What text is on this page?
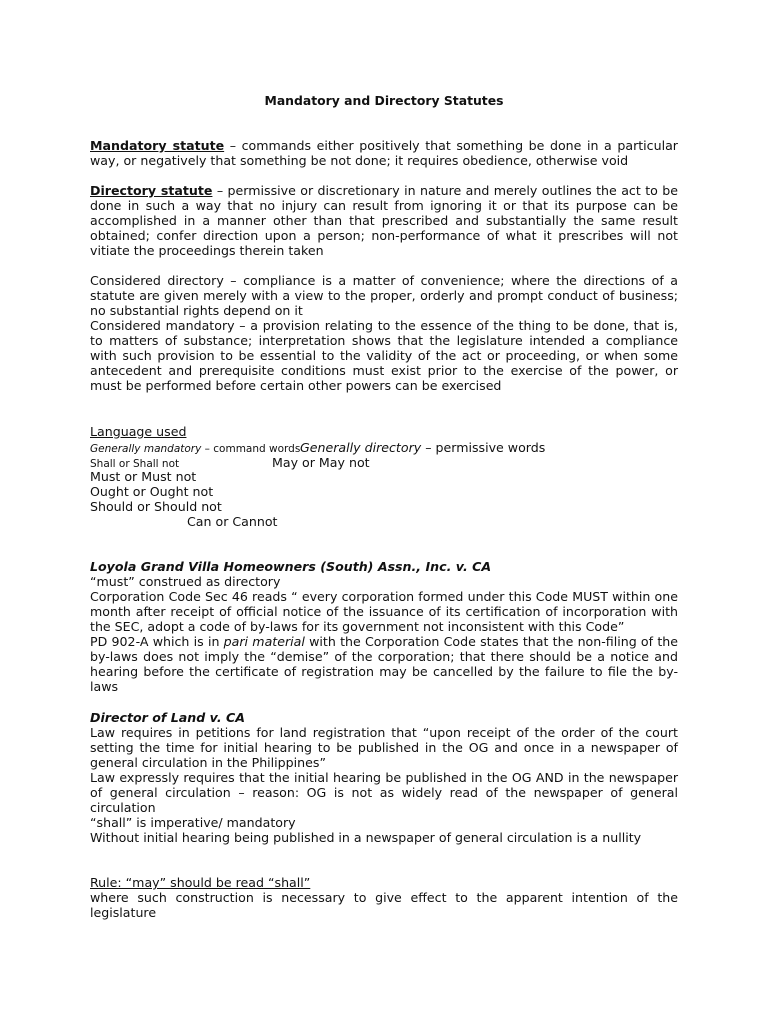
Mandatory and Directory Statutes
Mandatory statute – commands either positively that something be done in a particular way, or negatively that something be not done; it requires obedience, otherwise void
Directory statute – permissive or discretionary in nature and merely outlines the act to be done in such a way that no injury can result from ignoring it or that its purpose can be accomplished in a manner other than that prescribed and substantially the same result obtained; confer direction upon a person; non-performance of what it prescribes will not vitiate the proceedings therein taken
Considered directory – compliance is a matter of convenience; where the directions of a statute are given merely with a view to the proper, orderly and prompt conduct of business; no substantial rights depend on it
Considered mandatory – a provision relating to the essence of the thing to be done, that is, to matters of substance; interpretation shows that the legislature intended a compliance with such provision to be essential to the validity of the act or proceeding, or when some antecedent and prerequisite conditions must exist prior to the exercise of the power, or must be performed before certain other powers can be exercised
Language used
Generally mandatory – command words Generally directory – permissive words
Shall or Shall not	May or May not
Must or Must not
Ought or Ought not
Should or Should not
Can or Cannot
Loyola Grand Villa Homeowners (South) Assn., Inc. v. CA
“must” construed as directory
Corporation Code Sec 46 reads “ every corporation formed under this Code MUST within one month after receipt of official notice of the issuance of its certification of incorporation with the SEC, adopt a code of by-laws for its government not inconsistent with this Code”
PD 902-A which is in pari material with the Corporation Code states that the non-filing of the by-laws does not imply the “demise” of the corporation; that there should be a notice and hearing before the certificate of registration may be cancelled by the failure to file the by-laws
Director of Land v. CA
Law requires in petitions for land registration that “upon receipt of the order of the court setting the time for initial hearing to be published in the OG and once in a newspaper of general circulation in the Philippines”
Law expressly requires that the initial hearing be published in the OG AND in the newspaper of general circulation – reason: OG is not as widely read of the newspaper of general circulation
“shall” is imperative/ mandatory
Without initial hearing being published in a newspaper of general circulation is a nullity
Rule: “may” should be read “shall”
where such construction is necessary to give effect to the apparent intention of the legislature
